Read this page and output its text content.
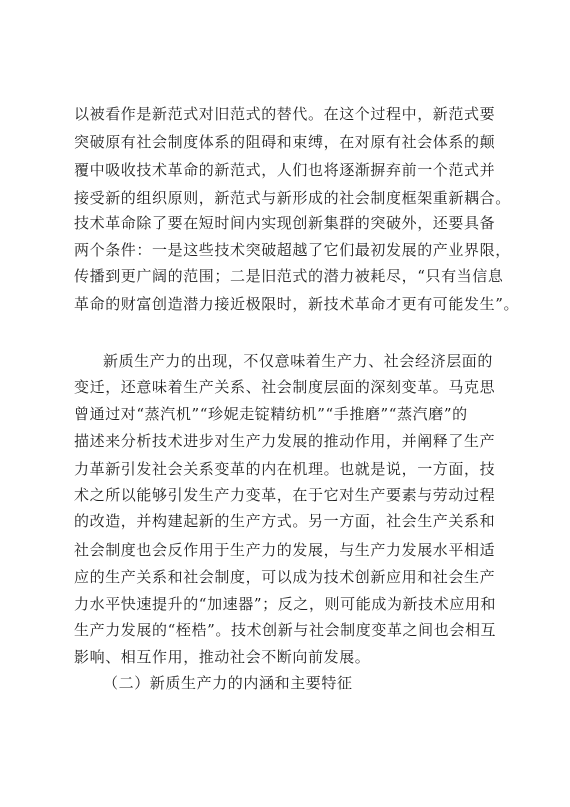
以被看作是新范式对旧范式的替代。在这个过程中，新范式要
突破原有社会制度体系的阻碍和束缚，在对原有社会体系的颠
覆中吸收技术革命的新范式，人们也将逐渐摒弃前一个范式并
接受新的组织原则，新范式与新形成的社会制度框架重新耦合。
技术革命除了要在短时间内实现创新集群的突破外，还要具备
两个条件：一是这些技术突破超越了它们最初发展的产业界限，
传播到更广阔的范围；二是旧范式的潜力被耗尽，“只有当信息
革命的财富创造潜力接近极限时，新技术革命才更有可能发生”。
新质生产力的出现，不仅意味着生产力、社会经济层面的
变迁，还意味着生产关系、社会制度层面的深刻变革。马克思
曾通过对“蒸汽机”“珍妮走锭精纺机”“手推磨”“蒸汽磨”的
描述来分析技术进步对生产力发展的推动作用，并阐释了生产
力革新引发社会关系变革的内在机理。也就是说，一方面，技
术之所以能够引发生产力变革，在于它对生产要素与劳动过程
的改造，并构建起新的生产方式。另一方面，社会生产关系和
社会制度也会反作用于生产力的发展，与生产力发展水平相适
应的生产关系和社会制度，可以成为技术创新应用和社会生产
力水平快速提升的“加速器”；反之，则可能成为新技术应用和
生产力发展的“桎梏”。技术创新与社会制度变革之间也会相互
影响、相互作用，推动社会不断向前发展。
（二）新质生产力的内涵和主要特征
